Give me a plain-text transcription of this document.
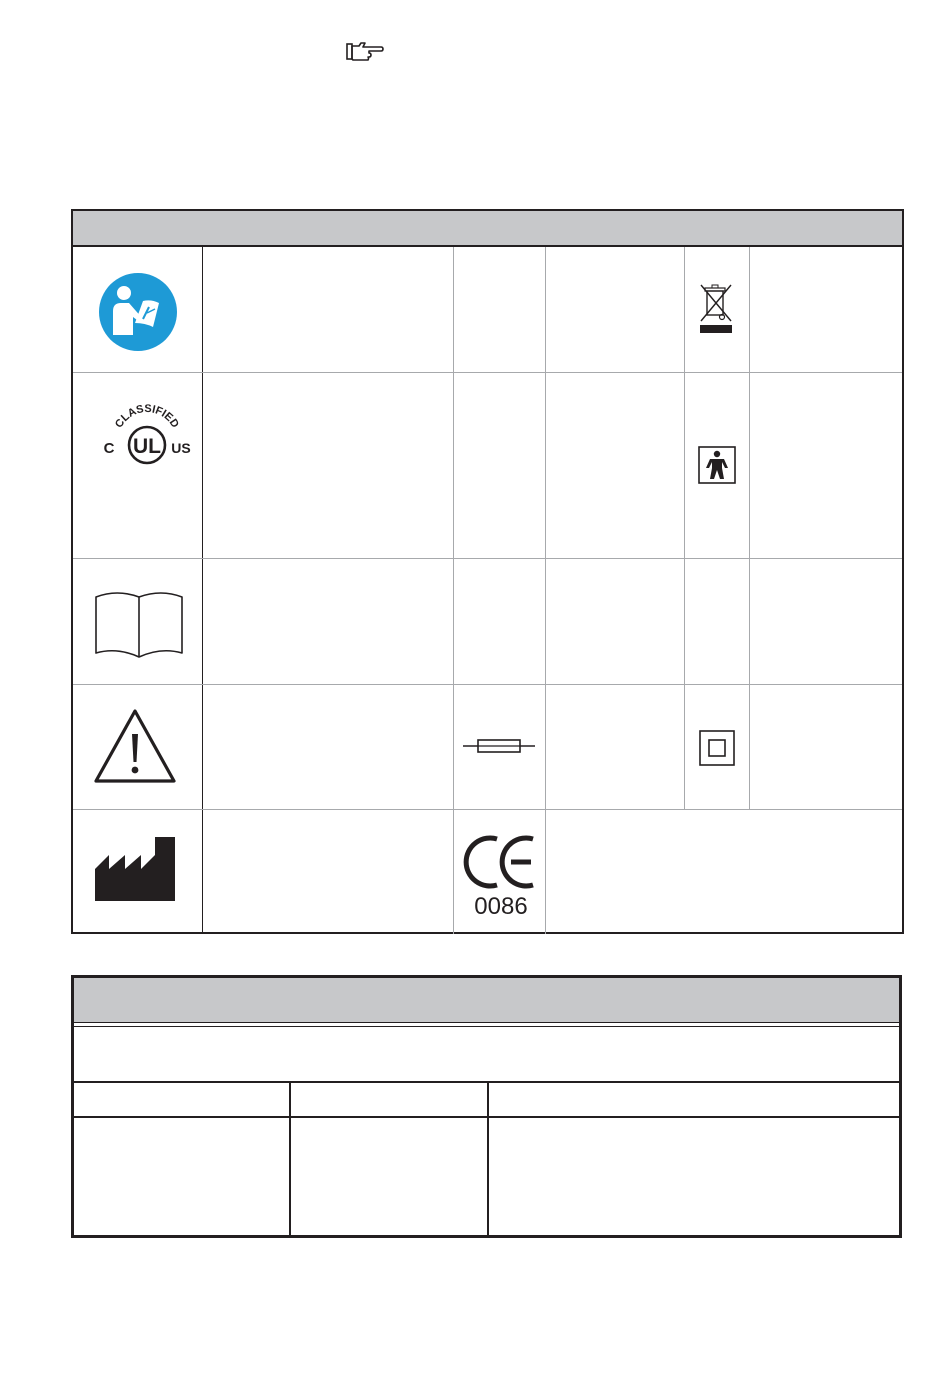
CLASSIFIED
UL
C	US
0086
